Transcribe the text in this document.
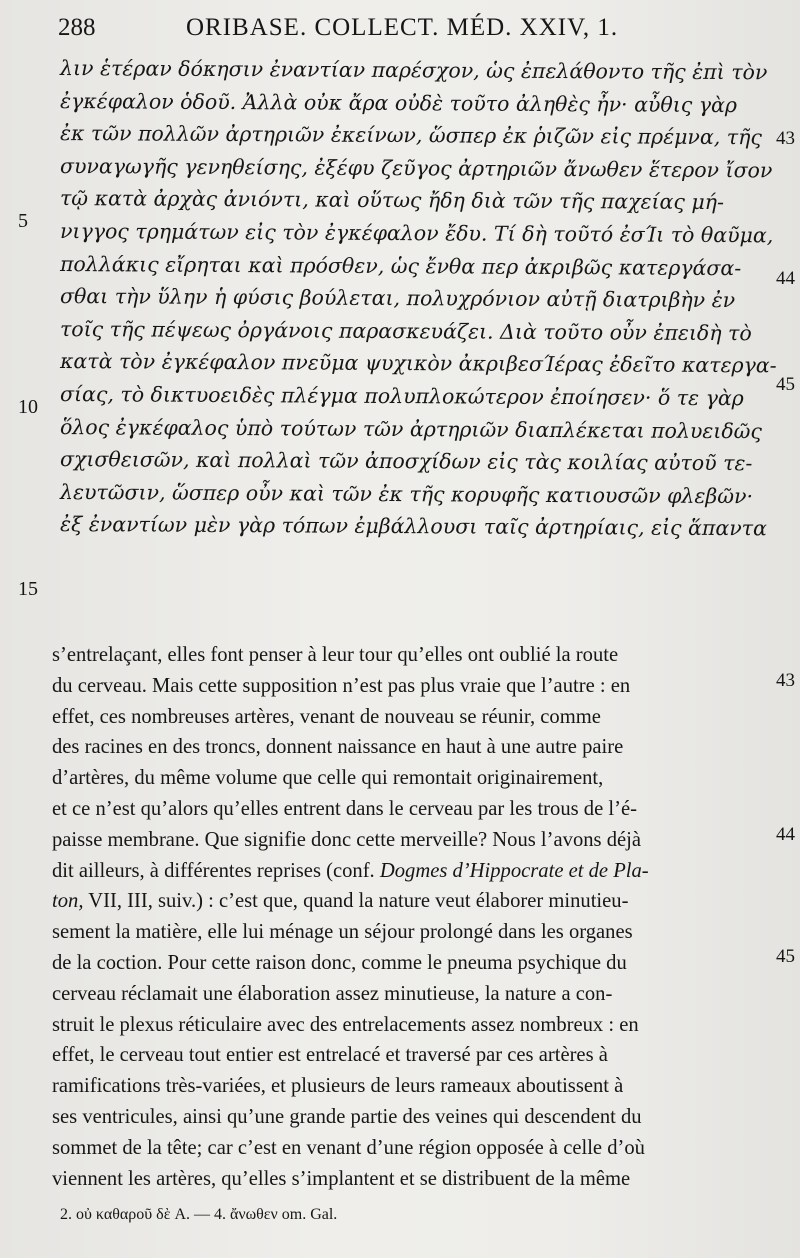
288	ORIBASE. COLLECT. MÉD. XXIV, 1.
λιν ἑτέραν δόκησιν ἐναντίαν παρέσχον, ὡς ἐπελάθοντο τῆς ἐπὶ τὸν
ἐγκέφαλον ὁδοῦ. Ἀλλὰ οὐκ ἄρα οὐδὲ τοῦτο ἀληθὲς ἦν· αὖθις γὰρ
ἐκ τῶν πολλῶν ἀρτηριῶν ἐκείνων, ὥσπερ ἐκ ῥιζῶν εἰς πρέμνα, τῆς
συναγωγῆς γενηθείσης, ἐξέφυ ζεῦγος ἀρτηριῶν ἄνωθεν ἕτερον ἴσον
τῷ κατὰ ἀρχὰς ἀνιόντι, καὶ οὕτως ἤδη διὰ τῶν τῆς παχείας μή-
νιγγος τρημάτων εἰς τὸν ἐγκέφαλον ἔδυ. Τί δὴ τοῦτό ἐσΊι τὸ θαῦμα,
πολλάκις εἴρηται καὶ πρόσθεν, ὡς ἔνθα περ ἀκριβῶς κατεργάσα-
σθαι τὴν ὕλην ἡ φύσις βούλεται, πολυχρόνιον αὐτῇ διατριβὴν ἐν
τοῖς τῆς πέψεως ὀργάνοις παρασκευάζει. Διὰ τοῦτο οὖν ἐπειδὴ τὸ
κατὰ τὸν ἐγκέφαλον πνεῦμα ψυχικὸν ἀκριβεσΊέρας ἐδεῖτο κατεργα-
σίας, τὸ δικτυοειδὲς πλέγμα πολυπλοκώτερον ἐποίησεν· ὅ τε γὰρ
ὅλος ἐγκέφαλος ὑπὸ τούτων τῶν ἀρτηριῶν διαπλέκεται πολυειδῶς
σχισθεισῶν, καὶ πολλαὶ τῶν ἀποσχίδων εἰς τὰς κοιλίας αὐτοῦ τε-
λευτῶσιν, ὥσπερ οὖν καὶ τῶν ἐκ τῆς κορυφῆς κατιουσῶν φλεβῶν·
ἐξ ἐναντίων μὲν γὰρ τόπων ἐμβάλλουσι ταῖς ἀρτηρίαις, εἰς ἅπαντα
5
10
15
43
44
45
s’entrelaçant, elles font penser à leur tour qu’elles ont oublié la route
du cerveau. Mais cette supposition n’est pas plus vraie que l’autre : en
effet, ces nombreuses artères, venant de nouveau se réunir, comme
des racines en des troncs, donnent naissance en haut à une autre paire
d’artères, du même volume que celle qui remontait originairement,
et ce n’est qu’alors qu’elles entrent dans le cerveau par les trous de l’é-
paisse membrane. Que signifie donc cette merveille? Nous l’avons déjà
dit ailleurs, à différentes reprises (conf. Dogmes d’Hippocrate et de Pla-
ton, VII, III, suiv.) : c’est que, quand la nature veut élaborer minutieu-
sement la matière, elle lui ménage un séjour prolongé dans les organes
de la coction. Pour cette raison donc, comme le pneuma psychique du
cerveau réclamait une élaboration assez minutieuse, la nature a con-
struit le plexus réticulaire avec des entrelacements assez nombreux : en
effet, le cerveau tout entier est entrelacé et traversé par ces artères à
ramifications très-variées, et plusieurs de leurs rameaux aboutissent à
ses ventricules, ainsi qu’une grande partie des veines qui descendent du
sommet de la tête; car c’est en venant d’une région opposée à celle d’où
viennent les artères, qu’elles s’implantent et se distribuent de la même
43
44
45
2. οὐ καθαροῦ δὲ A. — 4. ἄνωθεν om. Gal.
